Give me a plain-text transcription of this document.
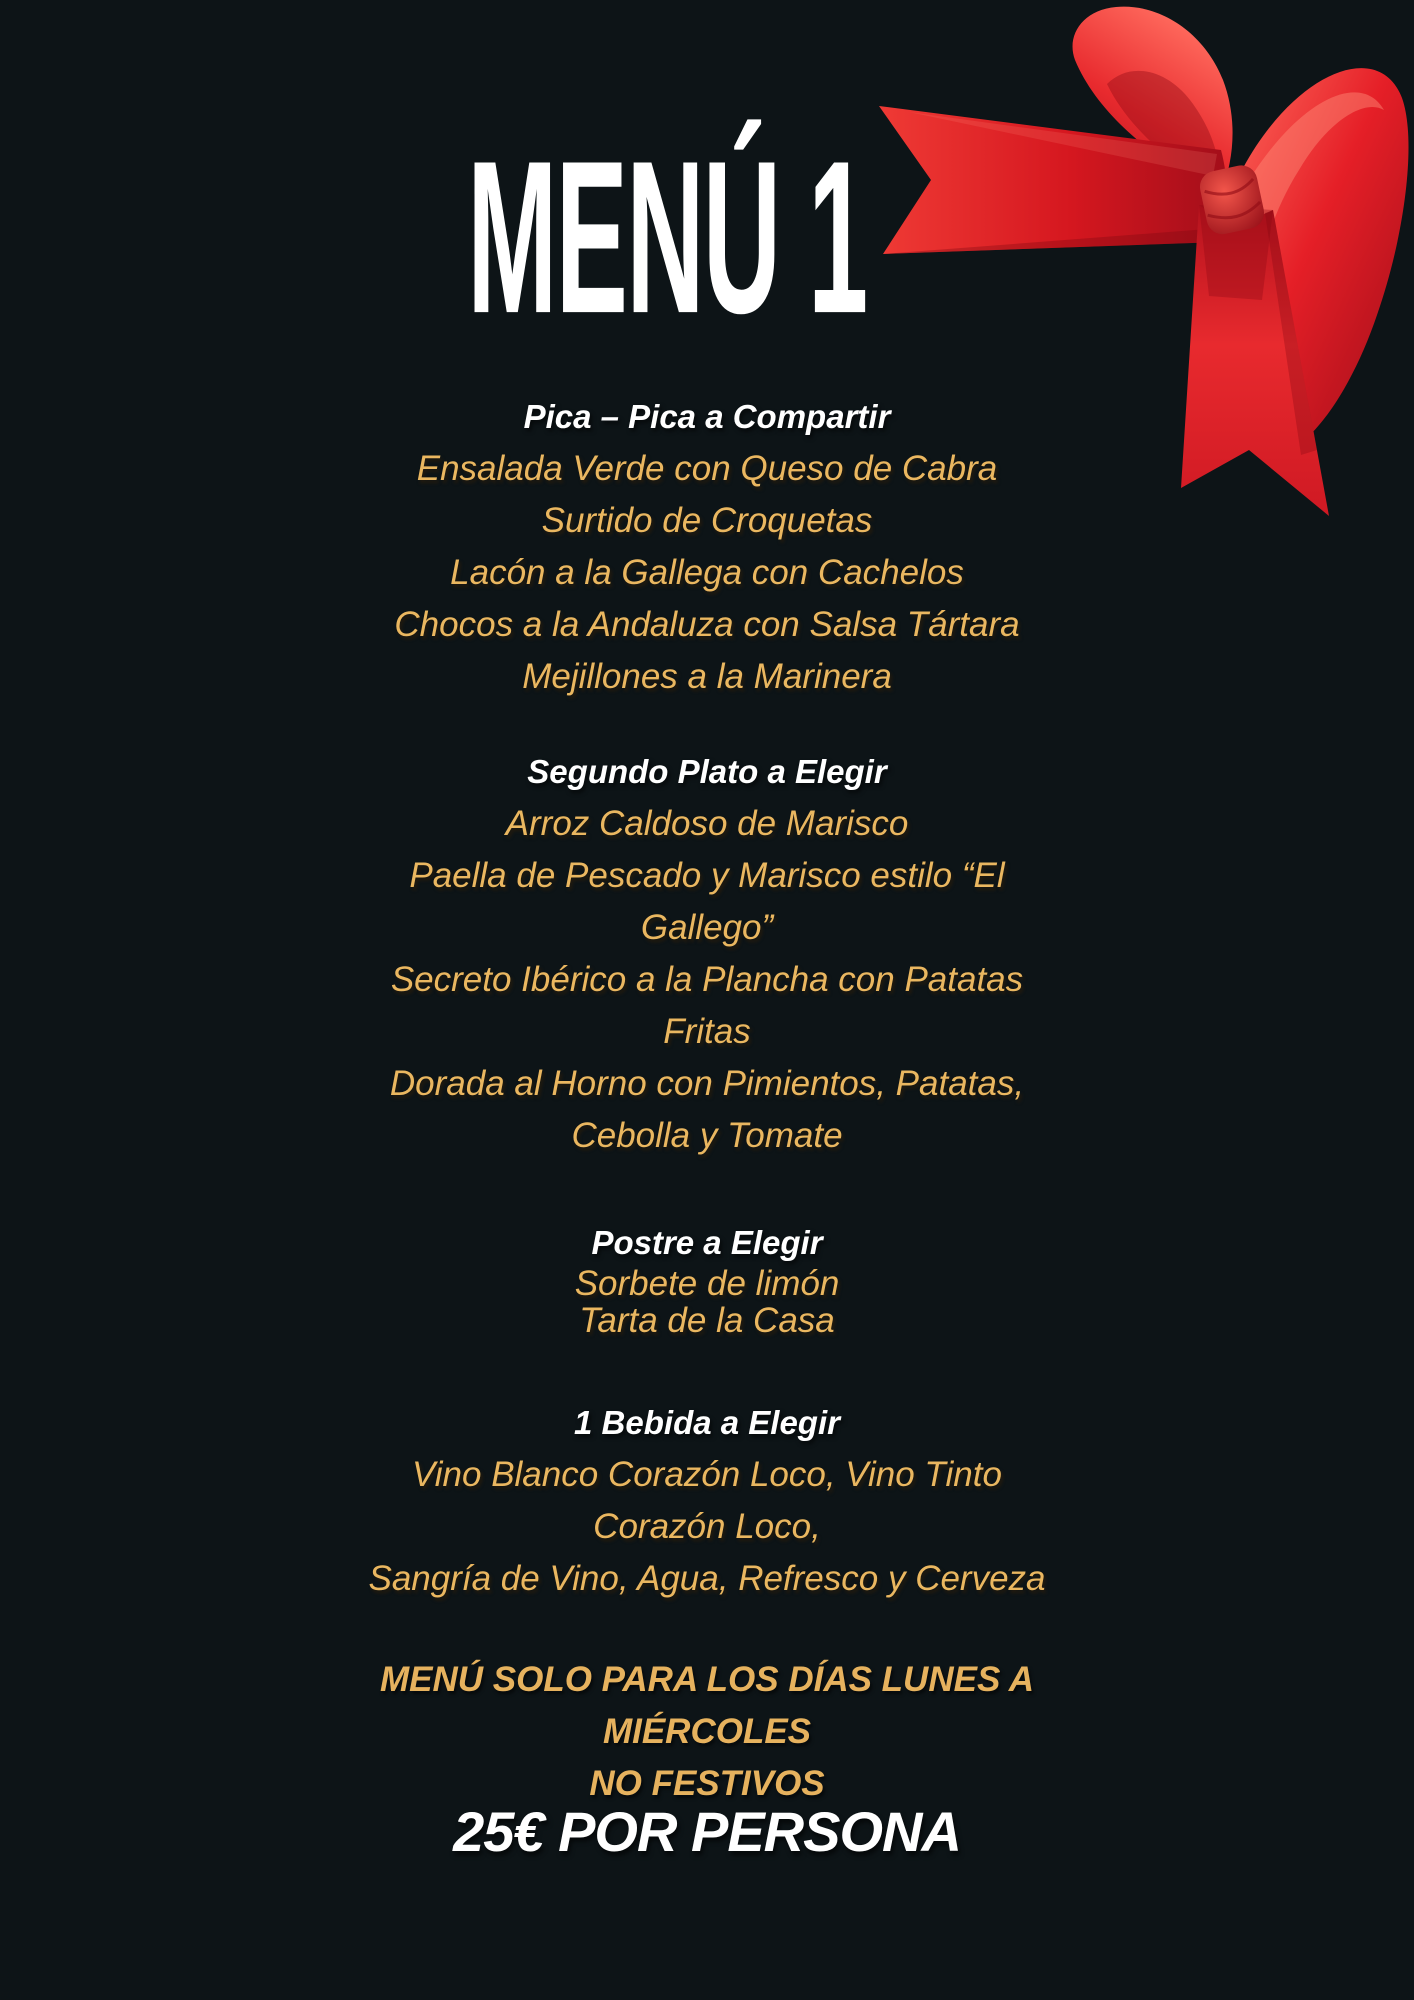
MENÚ 1
Pica – Pica a Compartir
Ensalada Verde con Queso de Cabra
Surtido de Croquetas
Lacón a la Gallega con Cachelos
Chocos a la Andaluza con Salsa Tártara
Mejillones a la Marinera
Segundo Plato a Elegir
Arroz Caldoso de Marisco
Paella de Pescado y Marisco estilo “El
Gallego”
Secreto Ibérico a la Plancha con Patatas
Fritas
Dorada al Horno con Pimientos, Patatas,
Cebolla y Tomate
Postre a Elegir
Sorbete de limón
Tarta de la Casa
1 Bebida a Elegir
Vino Blanco Corazón Loco, Vino Tinto
Corazón Loco,
Sangría de Vino, Agua, Refresco y Cerveza
MENÚ SOLO PARA LOS DÍAS LUNES A
MIÉRCOLES
NO FESTIVOS
25€ POR PERSONA
